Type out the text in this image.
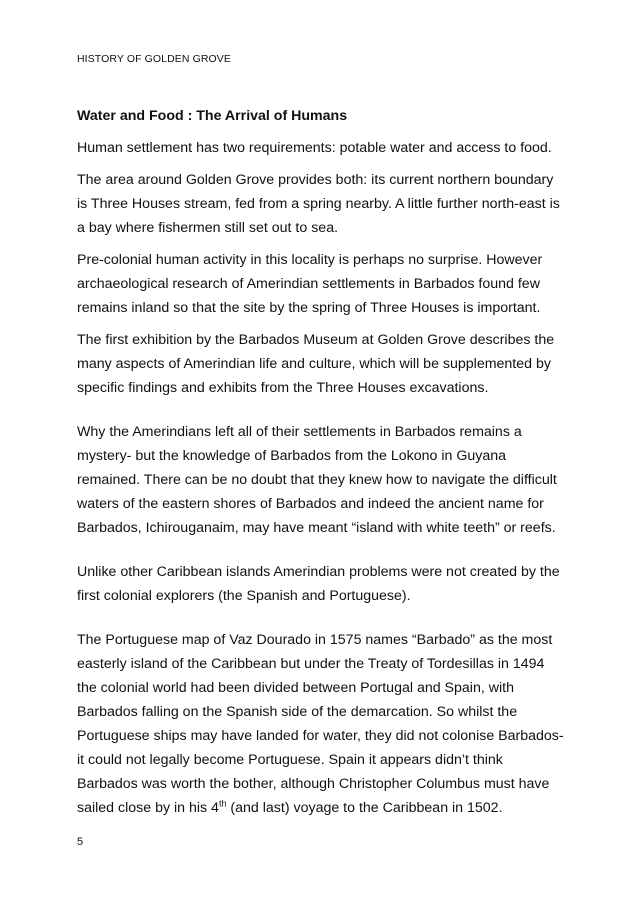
HISTORY OF GOLDEN GROVE

Water and Food : The Arrival of Humans

Human settlement has two requirements: potable water and access to food.

The area around Golden Grove provides both: its current northern boundary is Three Houses stream, fed from a spring nearby. A little further north-east is a bay where fishermen still set out to sea.

Pre-colonial human activity in this locality is perhaps no surprise. However archaeological research of Amerindian settlements in Barbados found few remains inland so that the site by the spring of Three Houses is important.

The first exhibition by the Barbados Museum at Golden Grove describes the many aspects of Amerindian life and culture, which will be supplemented by specific findings and exhibits from the Three Houses excavations.

Why the Amerindians left all of their settlements in Barbados remains a mystery- but the knowledge of Barbados from the Lokono in Guyana remained. There can be no doubt that they knew how to navigate the difficult waters of the eastern shores of Barbados and indeed the ancient name for Barbados, Ichirouganaim, may have meant “island with white teeth” or reefs.

Unlike other Caribbean islands Amerindian problems were not created by the first colonial explorers (the Spanish and Portuguese).

The Portuguese map of Vaz Dourado in 1575 names “Barbado” as the most easterly island of the Caribbean but under the Treaty of Tordesillas in 1494 the colonial world had been divided between Portugal and Spain, with Barbados falling on the Spanish side of the demarcation. So whilst the Portuguese ships may have landed for water, they did not colonise Barbados- it could not legally become Portuguese. Spain it appears didn’t think Barbados was worth the bother, although Christopher Columbus must have sailed close by in his 4th (and last) voyage to the Caribbean in 1502.

5
